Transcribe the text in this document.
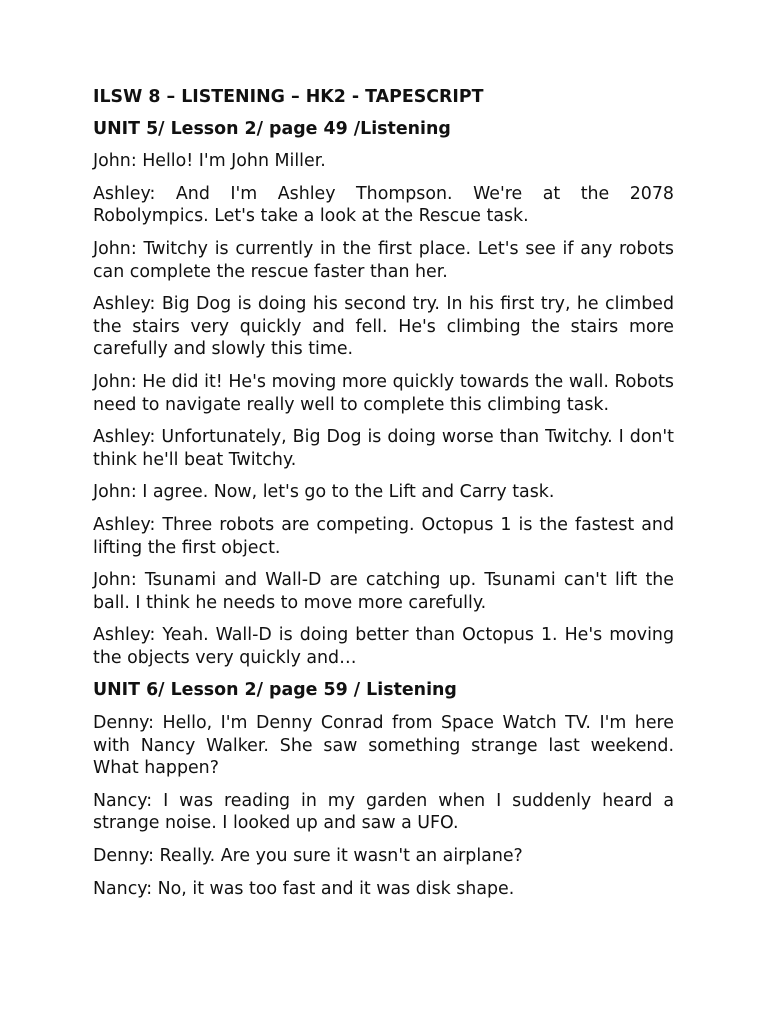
ILSW 8 – LISTENING – HK2 - TAPESCRIPT

UNIT 5/ Lesson 2/ page 49 /Listening

John: Hello! I'm John Miller.

Ashley: And I'm Ashley Thompson. We're at the 2078 Robolympics. Let's take a look at the Rescue task.

John: Twitchy is currently in the first place. Let's see if any robots can complete the rescue faster than her.

Ashley: Big Dog is doing his second try. In his first try, he climbed the stairs very quickly and fell. He's climbing the stairs more carefully and slowly this time.

John: He did it! He's moving more quickly towards the wall. Robots need to navigate really well to complete this climbing task.

Ashley: Unfortunately, Big Dog is doing worse than Twitchy. I don't think he'll beat Twitchy.

John: I agree. Now, let's go to the Lift and Carry task.

Ashley: Three robots are competing. Octopus 1 is the fastest and lifting the first object.

John: Tsunami and Wall-D are catching up. Tsunami can't lift the ball. I think he needs to move more carefully.

Ashley: Yeah. Wall-D is doing better than Octopus 1. He's moving the objects very quickly and…

UNIT 6/ Lesson 2/ page 59 / Listening

Denny: Hello, I'm Denny Conrad from Space Watch TV. I'm here with Nancy Walker. She saw something strange last weekend. What happen?

Nancy: I was reading in my garden when I suddenly heard a strange noise. I looked up and saw a UFO.

Denny: Really. Are you sure it wasn't an airplane?

Nancy: No, it was too fast and it was disk shape.
